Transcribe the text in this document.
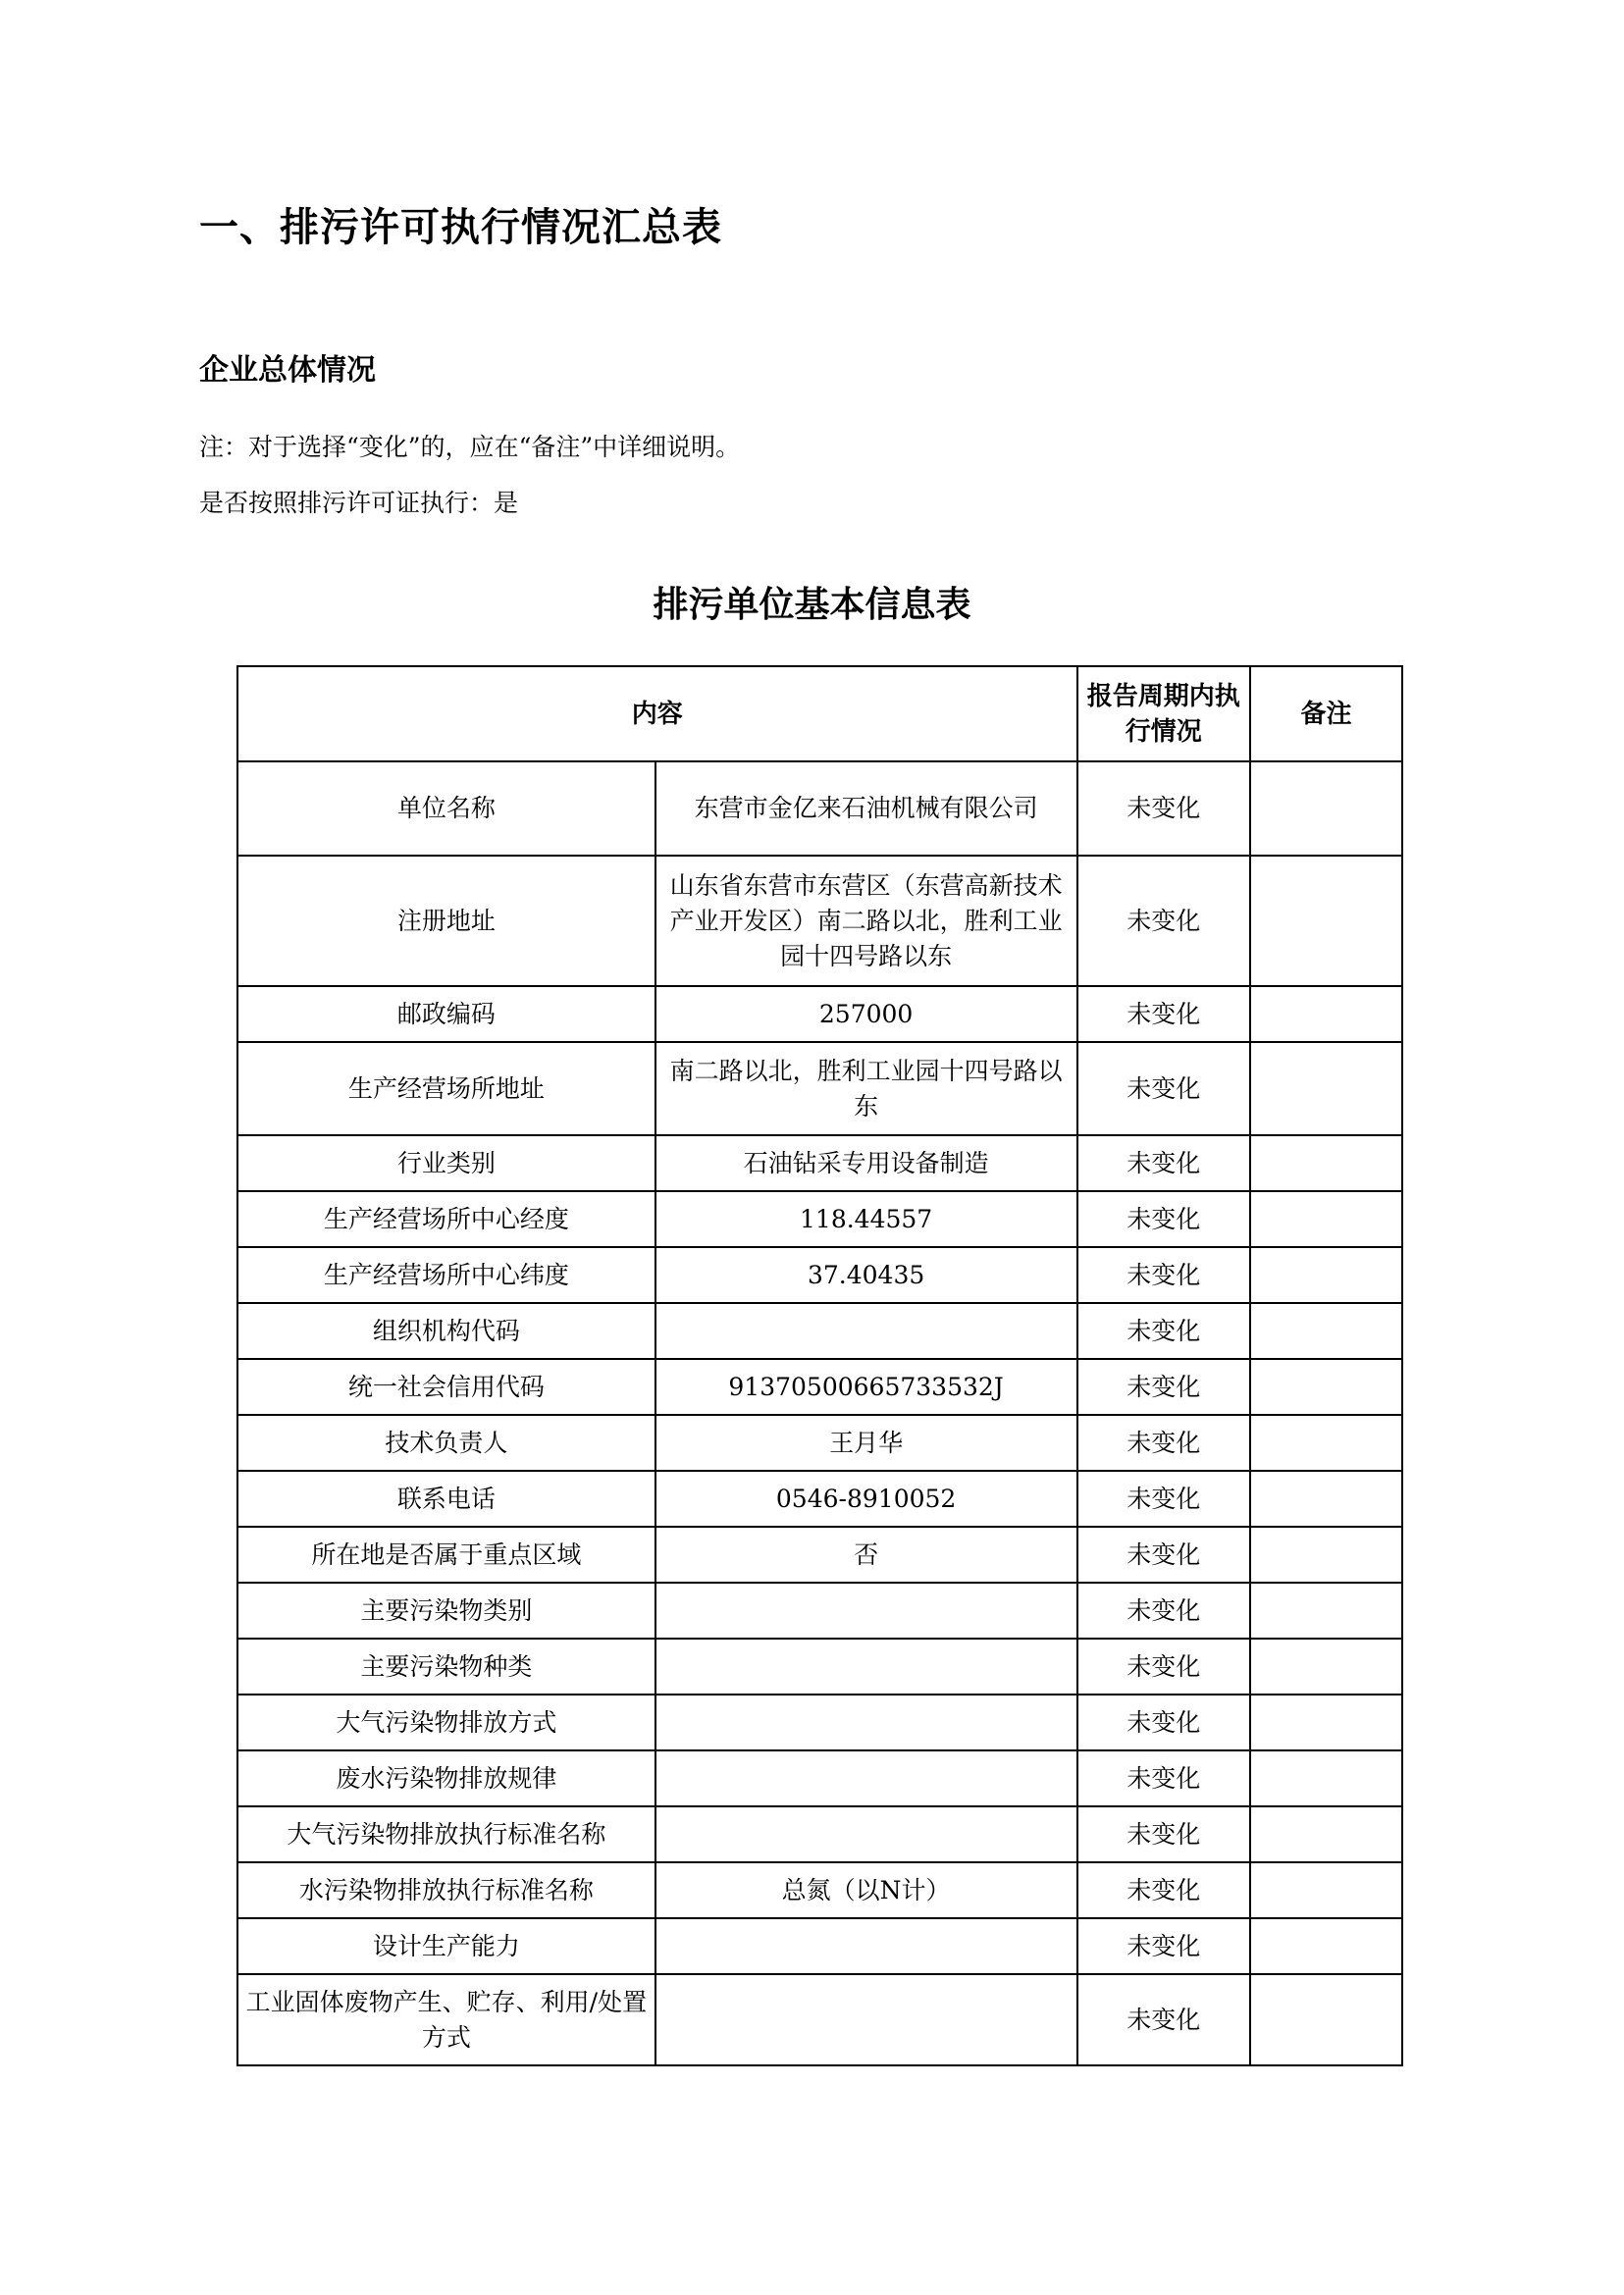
一、排污许可执行情况汇总表
企业总体情况
注：对于选择“变化”的，应在“备注”中详细说明。
是否按照排污许可证执行：是
排污单位基本信息表
内容		报告周期内执行情况	备注
单位名称	东营市金亿来石油机械有限公司	未变化	
注册地址	山东省东营市东营区（东营高新技术产业开发区）南二路以北，胜利工业园十四号路以东	未变化	
邮政编码	257000	未变化	
生产经营场所地址	南二路以北，胜利工业园十四号路以东	未变化	
行业类别	石油钻采专用设备制造	未变化	
生产经营场所中心经度	118.44557	未变化	
生产经营场所中心纬度	37.40435	未变化	
组织机构代码		未变化	
统一社会信用代码	91370500665733532J	未变化	
技术负责人	王月华	未变化	
联系电话	0546-8910052	未变化	
所在地是否属于重点区域	否	未变化	
主要污染物类别		未变化	
主要污染物种类		未变化	
大气污染物排放方式		未变化	
废水污染物排放规律		未变化	
大气污染物排放执行标准名称		未变化	
水污染物排放执行标准名称	总氮（以N计）	未变化	
设计生产能力		未变化	
工业固体废物产生、贮存、利用/处置方式		未变化	
